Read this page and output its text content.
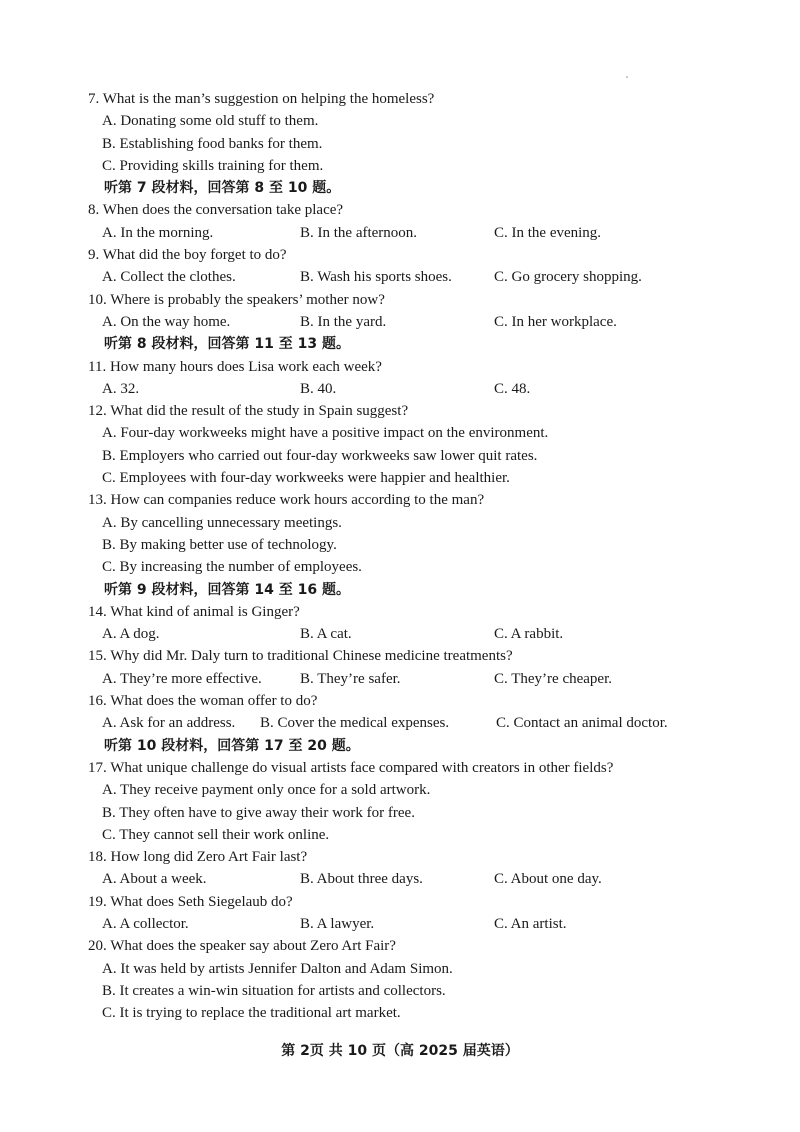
7. What is the man’s suggestion on helping the homeless?
A. Donating some old stuff to them.
B. Establishing food banks for them.
C. Providing skills training for them.
听第 7 段材料，回答第 8 至 10 题。
8. When does the conversation take place?
A. In the morning.	B. In the afternoon.	C. In the evening.
9. What did the boy forget to do?
A. Collect the clothes.	B. Wash his sports shoes.	C. Go grocery shopping.
10. Where is probably the speakers’ mother now?
A. On the way home.	B. In the yard.	C. In her workplace.
听第 8 段材料，回答第 11 至 13 题。
11. How many hours does Lisa work each week?
A. 32.	B. 40.	C. 48.
12. What did the result of the study in Spain suggest?
A. Four-day workweeks might have a positive impact on the environment.
B. Employers who carried out four-day workweeks saw lower quit rates.
C. Employees with four-day workweeks were happier and healthier.
13. How can companies reduce work hours according to the man?
A. By cancelling unnecessary meetings.
B. By making better use of technology.
C. By increasing the number of employees.
听第 9 段材料，回答第 14 至 16 题。
14. What kind of animal is Ginger?
A. A dog.	B. A cat.	C. A rabbit.
15. Why did Mr. Daly turn to traditional Chinese medicine treatments?
A. They’re more effective.	B. They’re safer.	C. They’re cheaper.
16. What does the woman offer to do?
A. Ask for an address. B. Cover the medical expenses.	C. Contact an animal doctor.
听第 10 段材料，回答第 17 至 20 题。
17. What unique challenge do visual artists face compared with creators in other fields?
A. They receive payment only once for a sold artwork.
B. They often have to give away their work for free.
C. They cannot sell their work online.
18. How long did Zero Art Fair last?
A. About a week.	B. About three days.	C. About one day.
19. What does Seth Siegelaub do?
A. A collector.	B. A lawyer.	C. An artist.
20. What does the speaker say about Zero Art Fair?
A. It was held by artists Jennifer Dalton and Adam Simon.
B. It creates a win-win situation for artists and collectors.
C. It is trying to replace the traditional art market.
第 2页 共 10 页（高 2025 届英语）
